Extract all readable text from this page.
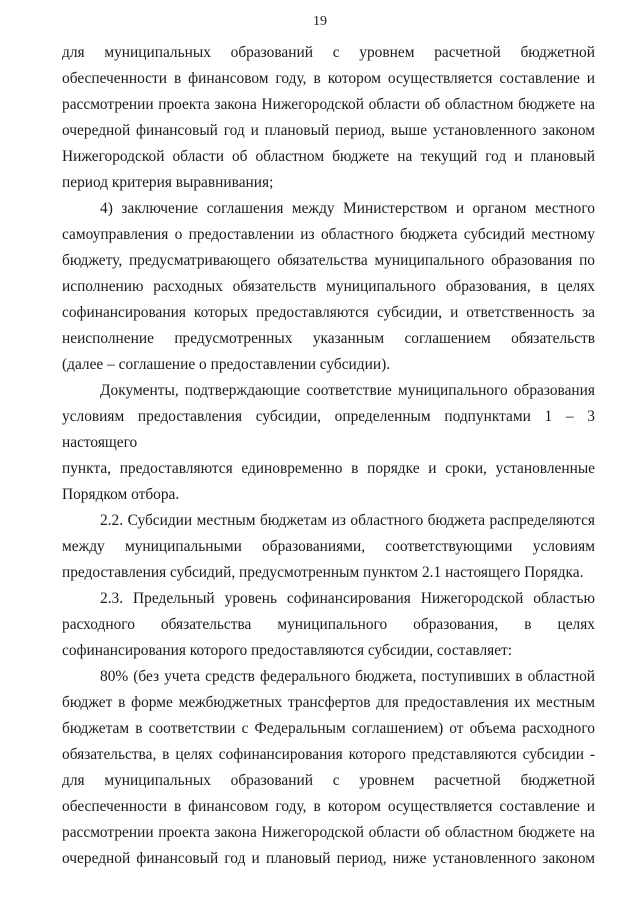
19

для муниципальных образований с уровнем расчетной бюджетной

обеспеченности в финансовом году, в котором осуществляется составление и

рассмотрении проекта закона Нижегородской области об областном бюджете на

очередной финансовый год и плановый период, выше установленного законом

Нижегородской области об областном бюджете на текущий год и плановый

период критерия выравнивания;

4) заключение соглашения между Министерством и органом местного

самоуправления о предоставлении из областного бюджета субсидий местному

бюджету, предусматривающего обязательства муниципального образования по

исполнению расходных обязательств муниципального образования, в целях

софинансирования которых предоставляются субсидии, и ответственность за

неисполнение предусмотренных указанным соглашением обязательств

(далее – соглашение о предоставлении субсидии).

Документы, подтверждающие соответствие муниципального образования

условиям предоставления субсидии, определенным подпунктами 1 – 3 настоящего

пункта, предоставляются единовременно в порядке и сроки, установленные

Порядком отбора.

2.2. Субсидии местным бюджетам из областного бюджета распределяются

между муниципальными образованиями, соответствующими условиям

предоставления субсидий, предусмотренным пунктом 2.1 настоящего Порядка.

2.3. Предельный уровень софинансирования Нижегородской областью

расходного обязательства муниципального образования, в целях

софинансирования которого предоставляются субсидии, составляет:

80% (без учета средств федерального бюджета, поступивших в областной

бюджет в форме межбюджетных трансфертов для предоставления их местным

бюджетам в соответствии с Федеральным соглашением) от объема расходного

обязательства, в целях софинансирования которого представляются субсидии -

для муниципальных образований с уровнем расчетной бюджетной

обеспеченности в финансовом году, в котором осуществляется составление и

рассмотрении проекта закона Нижегородской области об областном бюджете на

очередной финансовый год и плановый период, ниже установленного законом
